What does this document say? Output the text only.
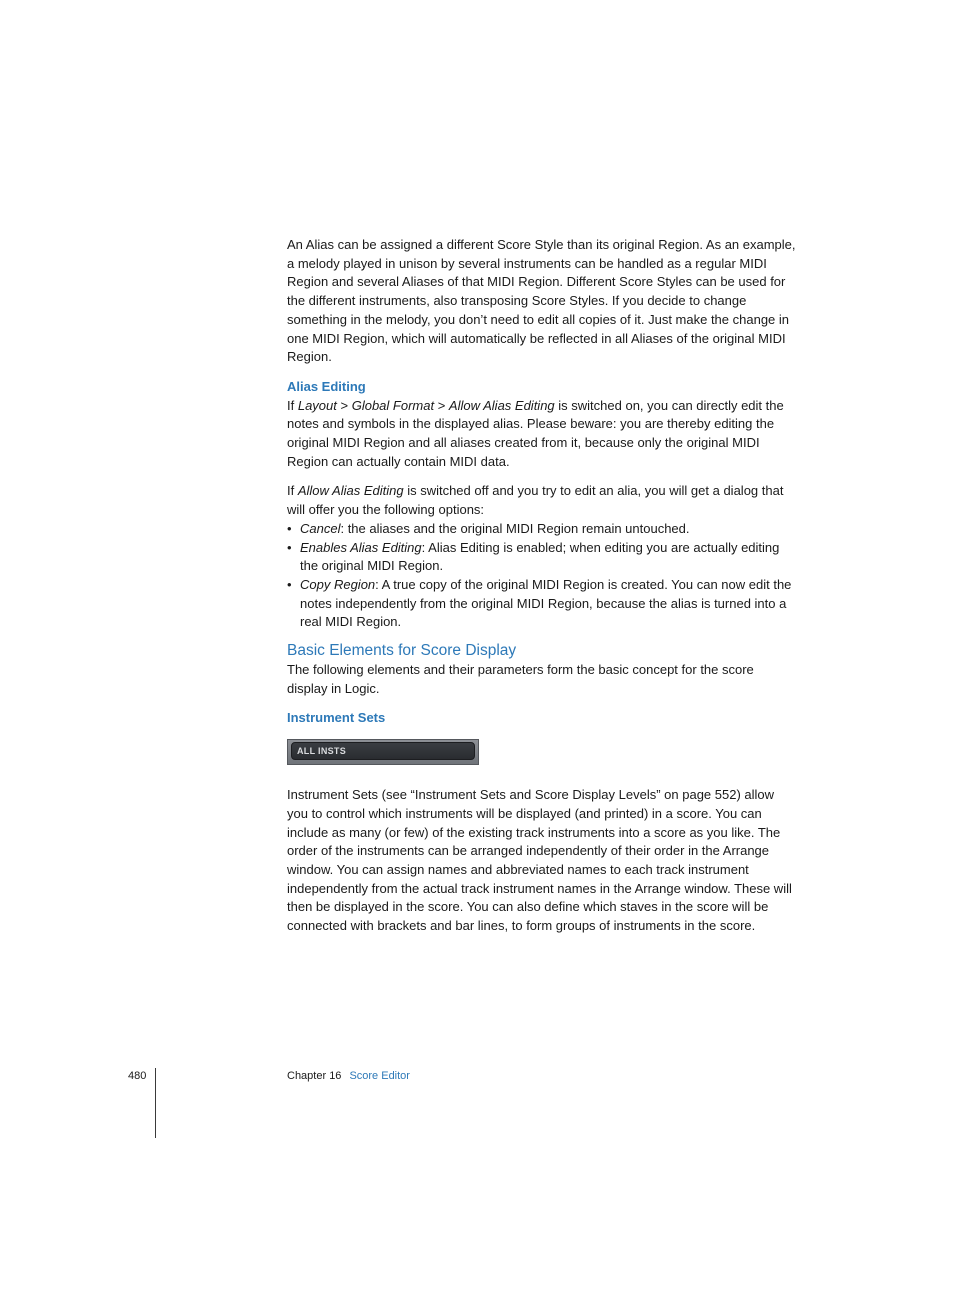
An Alias can be assigned a different Score Style than its original Region. As an example, a melody played in unison by several instruments can be handled as a regular MIDI Region and several Aliases of that MIDI Region. Different Score Styles can be used for the different instruments, also transposing Score Styles. If you decide to change something in the melody, you don’t need to edit all copies of it. Just make the change in one MIDI Region, which will automatically be reflected in all Aliases of the original MIDI Region.

Alias Editing

If Layout > Global Format > Allow Alias Editing is switched on, you can directly edit the notes and symbols in the displayed alias. Please beware: you are thereby editing the original MIDI Region and all aliases created from it, because only the original MIDI Region can actually contain MIDI data.

If Allow Alias Editing is switched off and you try to edit an alia, you will get a dialog that will offer you the following options:

• Cancel: the aliases and the original MIDI Region remain untouched.
• Enables Alias Editing: Alias Editing is enabled; when editing you are actually editing the original MIDI Region.
• Copy Region: A true copy of the original MIDI Region is created. You can now edit the notes independently from the original MIDI Region, because the alias is turned into a real MIDI Region.
Basic Elements for Score Display

The following elements and their parameters form the basic concept for the score display in Logic.

Instrument Sets
ALL INSTS

Instrument Sets (see “Instrument Sets and Score Display Levels” on page 552) allow you to control which instruments will be displayed (and printed) in a score. You can include as many (or few) of the existing track instruments into a score as you like. The order of the instruments can be arranged independently of their order in the Arrange window. You can assign names and abbreviated names to each track instrument independently from the actual track instrument names in the Arrange window. These will then be displayed in the score. You can also define which staves in the score will be connected with brackets and bar lines, to form groups of instruments in the score.

480	Chapter 16 Score Editor
